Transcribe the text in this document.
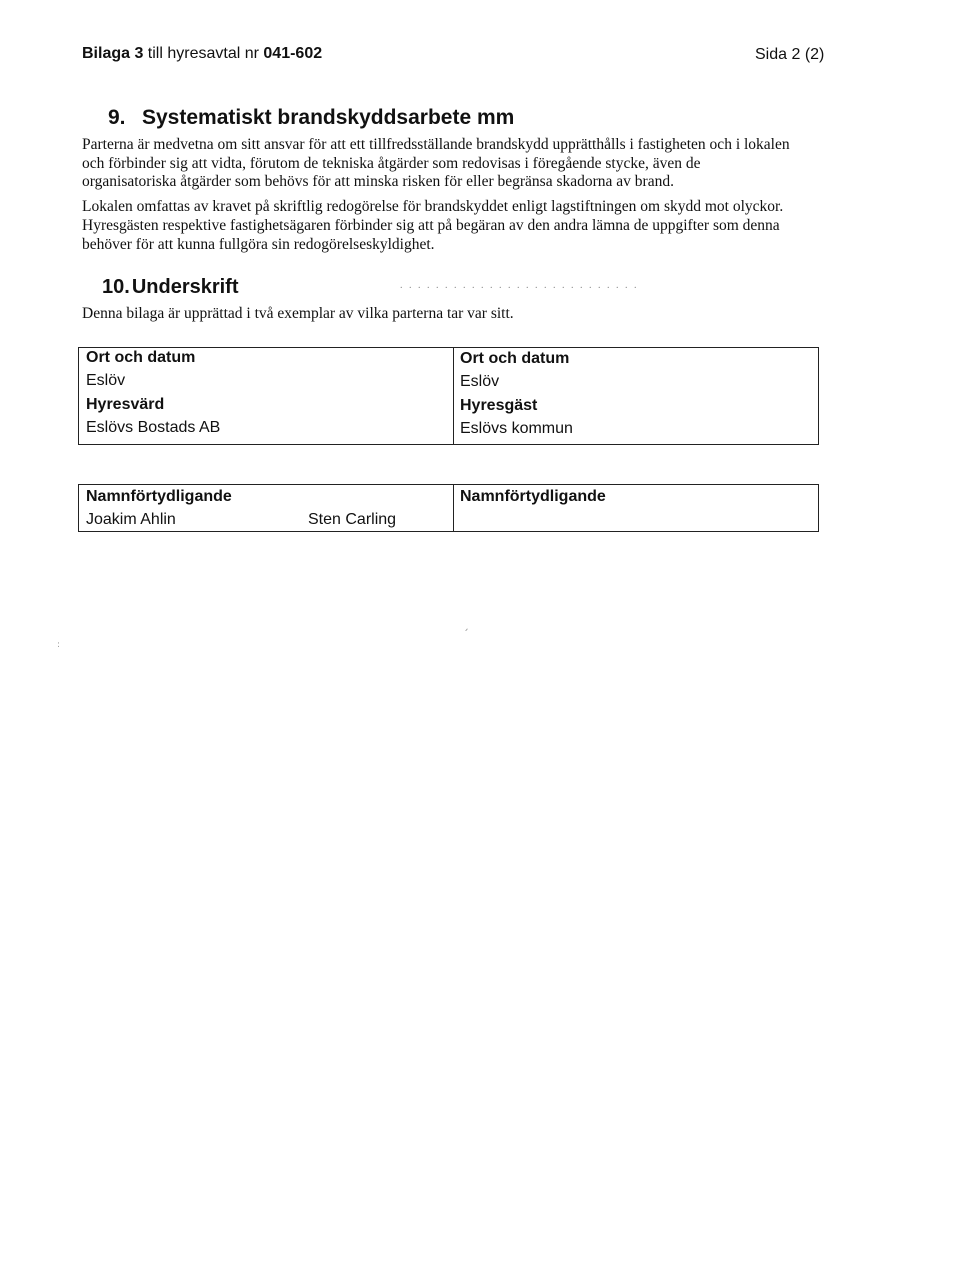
Bilaga 3 till hyresavtal nr 041-602	Sida 2 (2)
9. Systematiskt brandskyddsarbete mm

Parterna är medvetna om sitt ansvar för att ett tillfredsställande brandskydd upprätthålls i fastigheten och i lokalen

och förbinder sig att vidta, förutom de tekniska åtgärder som redovisas i föregående stycke, även de

organisatoriska åtgärder som behövs för att minska risken för eller begränsa skadorna av brand.

Lokalen omfattas av kravet på skriftlig redogörelse för brandskyddet enligt lagstiftningen om skydd mot olyckor.

Hyresgästen respektive fastighetsägaren förbinder sig att på begäran av den andra lämna de uppgifter som denna

behöver för att kunna fullgöra sin redogörelseskyldighet.

10. Underskrift	. . . . . . . . . . . . . . . . . . . . . . . . . . .

Denna bilaga är upprättad i två exemplar av vilka parterna tar var sitt.

Ort och datum
Eslöv
Hyresvärd
Eslövs Bostads AB
Ort och datum
Eslöv
Hyresgäst
Eslövs kommun
Namnförtydligande
Joakim Ahlin	Sten Carling
Namnförtydligande
ˏ
:
